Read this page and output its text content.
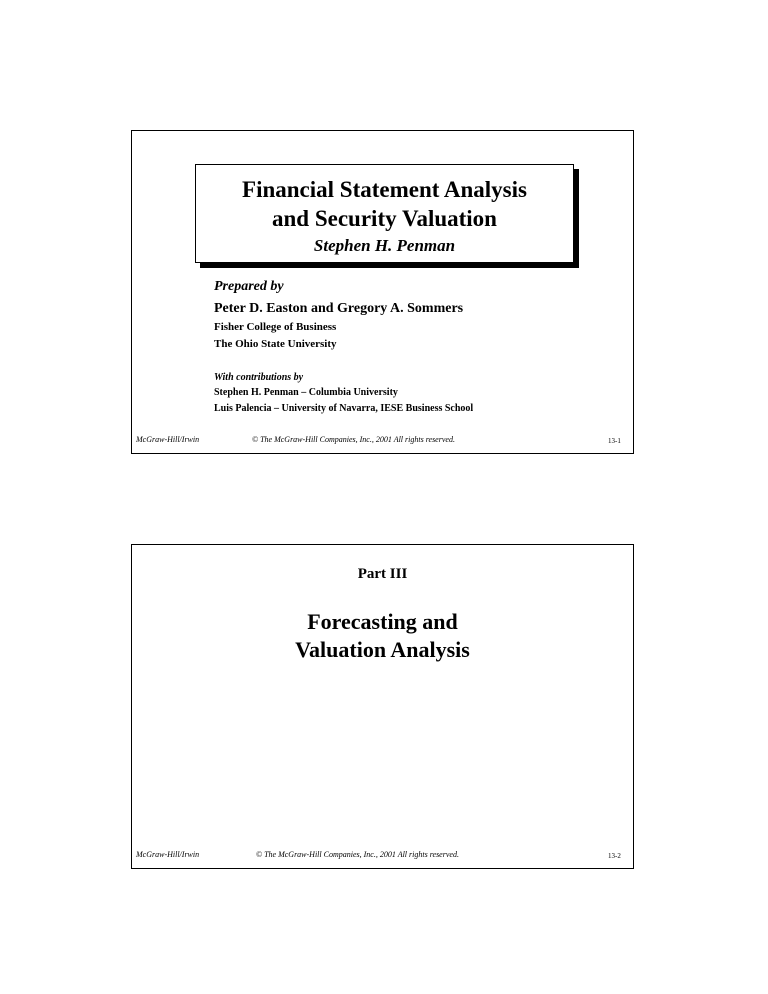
Financial Statement Analysis
and Security Valuation
Stephen H. Penman
Prepared by
Peter D. Easton and Gregory A. Sommers
Fisher College of Business
The Ohio State University
With contributions by
Stephen H. Penman – Columbia University
Luis Palencia – University of Navarra, IESE Business School
McGraw-Hill/Irwin	© The McGraw-Hill Companies, Inc., 2001 All rights reserved.	13-1
Part III
Forecasting and
Valuation Analysis
McGraw-Hill/Irwin	© The McGraw-Hill Companies, Inc., 2001 All rights reserved.	13-2
